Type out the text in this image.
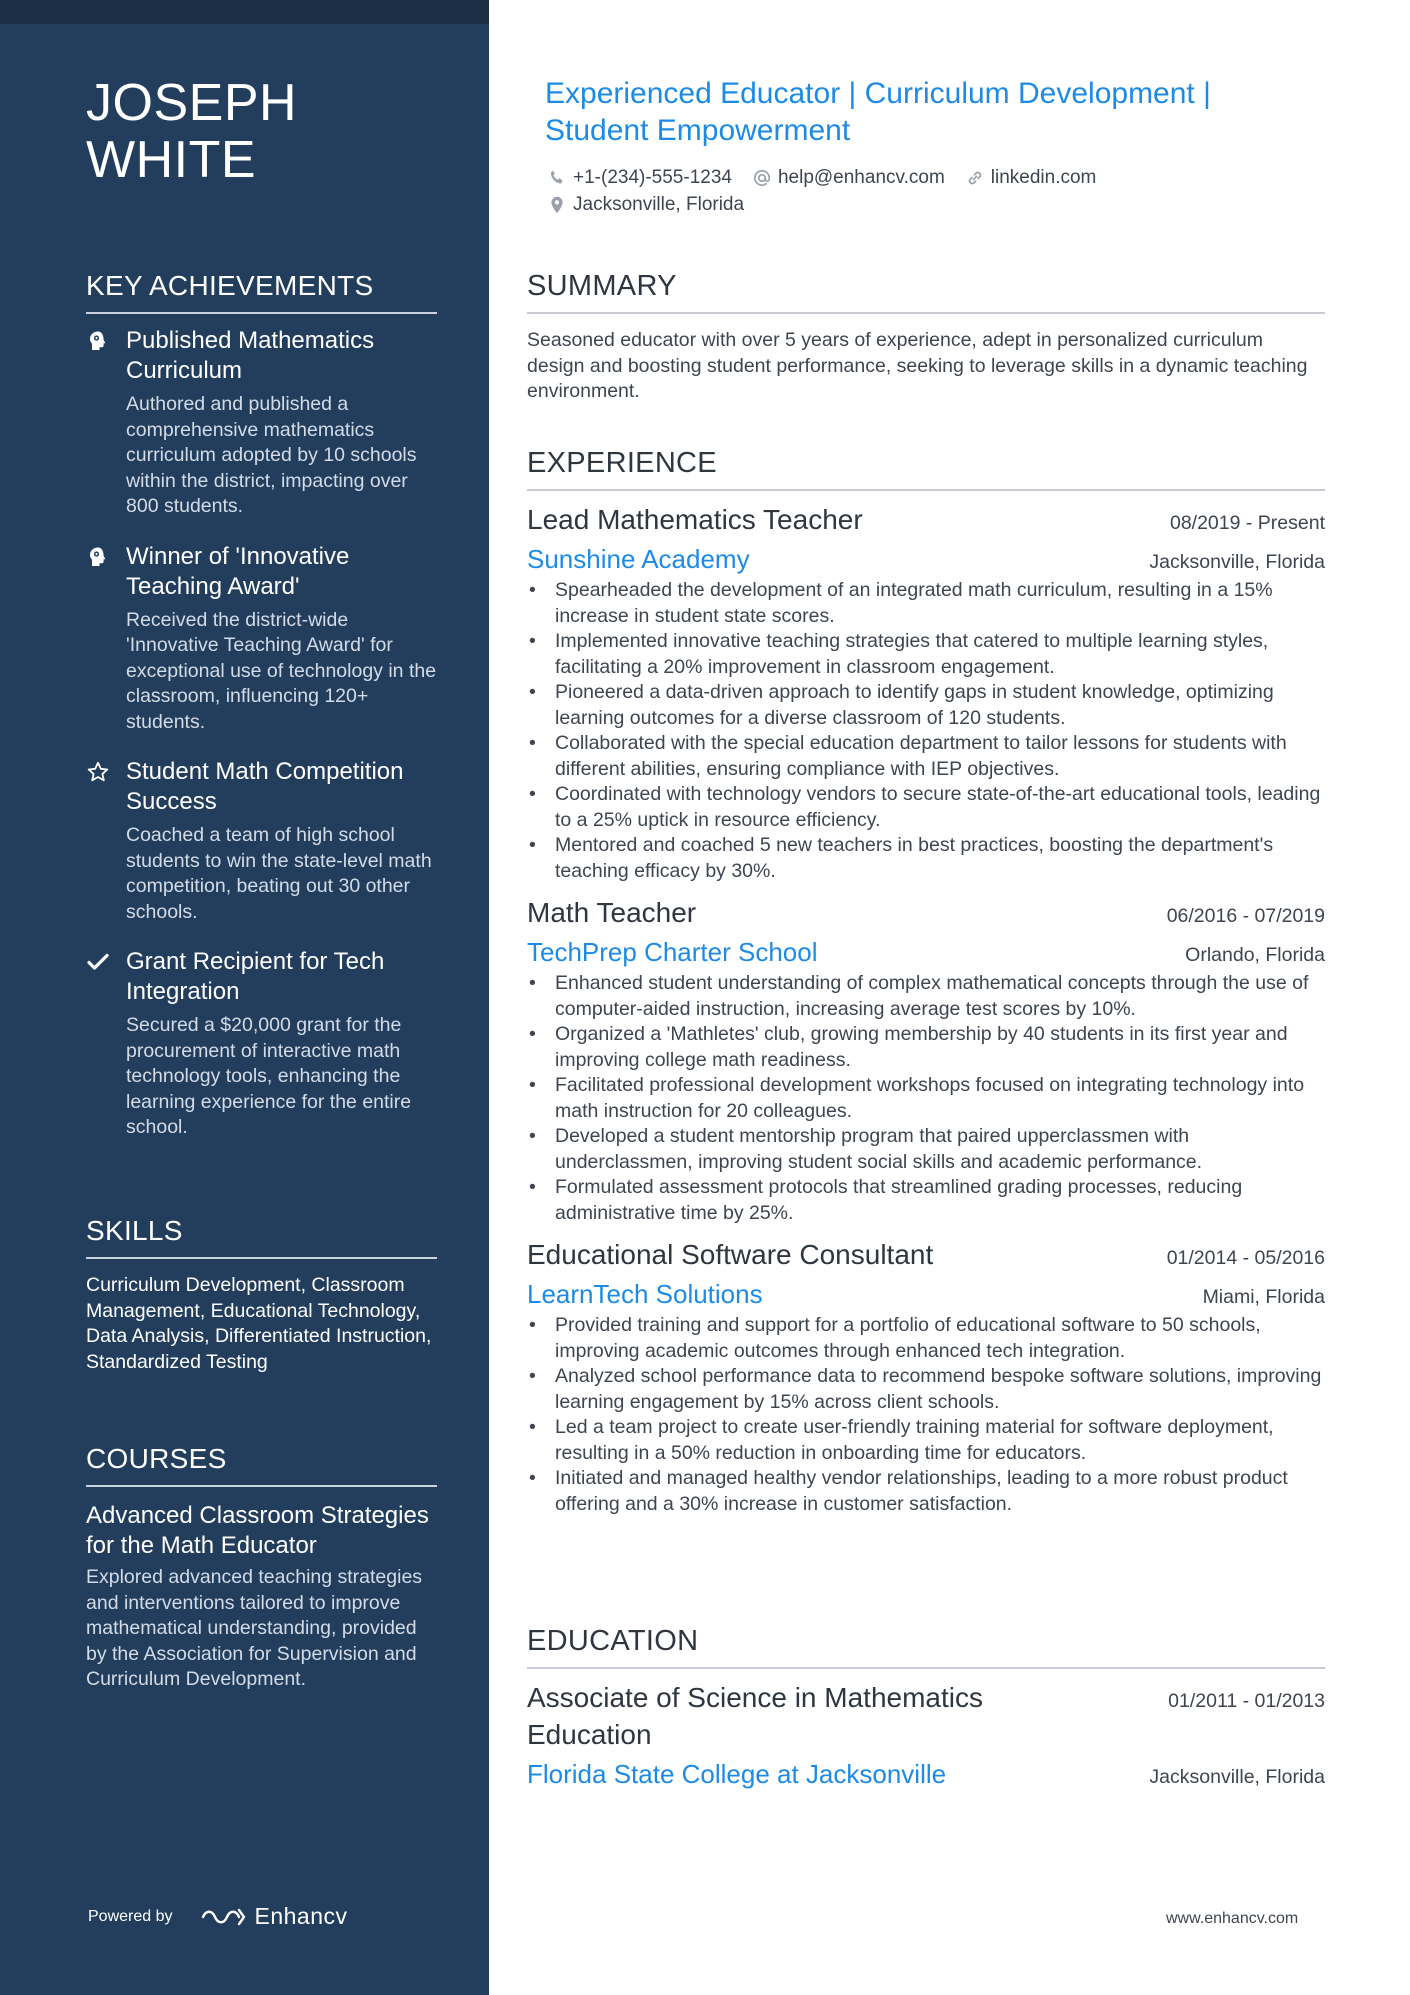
JOSEPH WHITE
KEY ACHIEVEMENTS
Published Mathematics Curriculum
Authored and published a comprehensive mathematics curriculum adopted by 10 schools within the district, impacting over 800 students.
Winner of 'Innovative Teaching Award'
Received the district-wide 'Innovative Teaching Award' for exceptional use of technology in the classroom, influencing 120+ students.
Student Math Competition Success
Coached a team of high school students to win the state-level math competition, beating out 30 other schools.
Grant Recipient for Tech Integration
Secured a $20,000 grant for the procurement of interactive math technology tools, enhancing the learning experience for the entire school.
SKILLS
Curriculum Development, Classroom Management, Educational Technology, Data Analysis, Differentiated Instruction, Standardized Testing
COURSES
Advanced Classroom Strategies for the Math Educator
Explored advanced teaching strategies and interventions tailored to improve mathematical understanding, provided by the Association for Supervision and Curriculum Development.
Powered by	Enhancv
Experienced Educator | Curriculum Development | Student Empowerment
+1-(234)-555-1234 help@enhancv.com linkedin.com
Jacksonville, Florida
SUMMARY
Seasoned educator with over 5 years of experience, adept in personalized curriculum design and boosting student performance, seeking to leverage skills in a dynamic teaching environment.
EXPERIENCE
Lead Mathematics Teacher	08/2019 - Present
Sunshine Academy	Jacksonville, Florida
• Spearheaded the development of an integrated math curriculum, resulting in a 15% increase in student state scores.
• Implemented innovative teaching strategies that catered to multiple learning styles, facilitating a 20% improvement in classroom engagement.
• Pioneered a data-driven approach to identify gaps in student knowledge, optimizing learning outcomes for a diverse classroom of 120 students.
• Collaborated with the special education department to tailor lessons for students with different abilities, ensuring compliance with IEP objectives.
• Coordinated with technology vendors to secure state-of-the-art educational tools, leading to a 25% uptick in resource efficiency.
• Mentored and coached 5 new teachers in best practices, boosting the department's teaching efficacy by 30%.
Math Teacher	06/2016 - 07/2019
TechPrep Charter School	Orlando, Florida
• Enhanced student understanding of complex mathematical concepts through the use of computer-aided instruction, increasing average test scores by 10%.
• Organized a 'Mathletes' club, growing membership by 40 students in its first year and improving college math readiness.
• Facilitated professional development workshops focused on integrating technology into math instruction for 20 colleagues.
• Developed a student mentorship program that paired upperclassmen with underclassmen, improving student social skills and academic performance.
• Formulated assessment protocols that streamlined grading processes, reducing administrative time by 25%.
Educational Software Consultant	01/2014 - 05/2016
LearnTech Solutions	Miami, Florida
• Provided training and support for a portfolio of educational software to 50 schools, improving academic outcomes through enhanced tech integration.
• Analyzed school performance data to recommend bespoke software solutions, improving learning engagement by 15% across client schools.
• Led a team project to create user-friendly training material for software deployment, resulting in a 50% reduction in onboarding time for educators.
• Initiated and managed healthy vendor relationships, leading to a more robust product offering and a 30% increase in customer satisfaction.
EDUCATION
Associate of Science in Mathematics Education
01/2011 - 01/2013
Florida State College at Jacksonville	Jacksonville, Florida
www.enhancv.com
